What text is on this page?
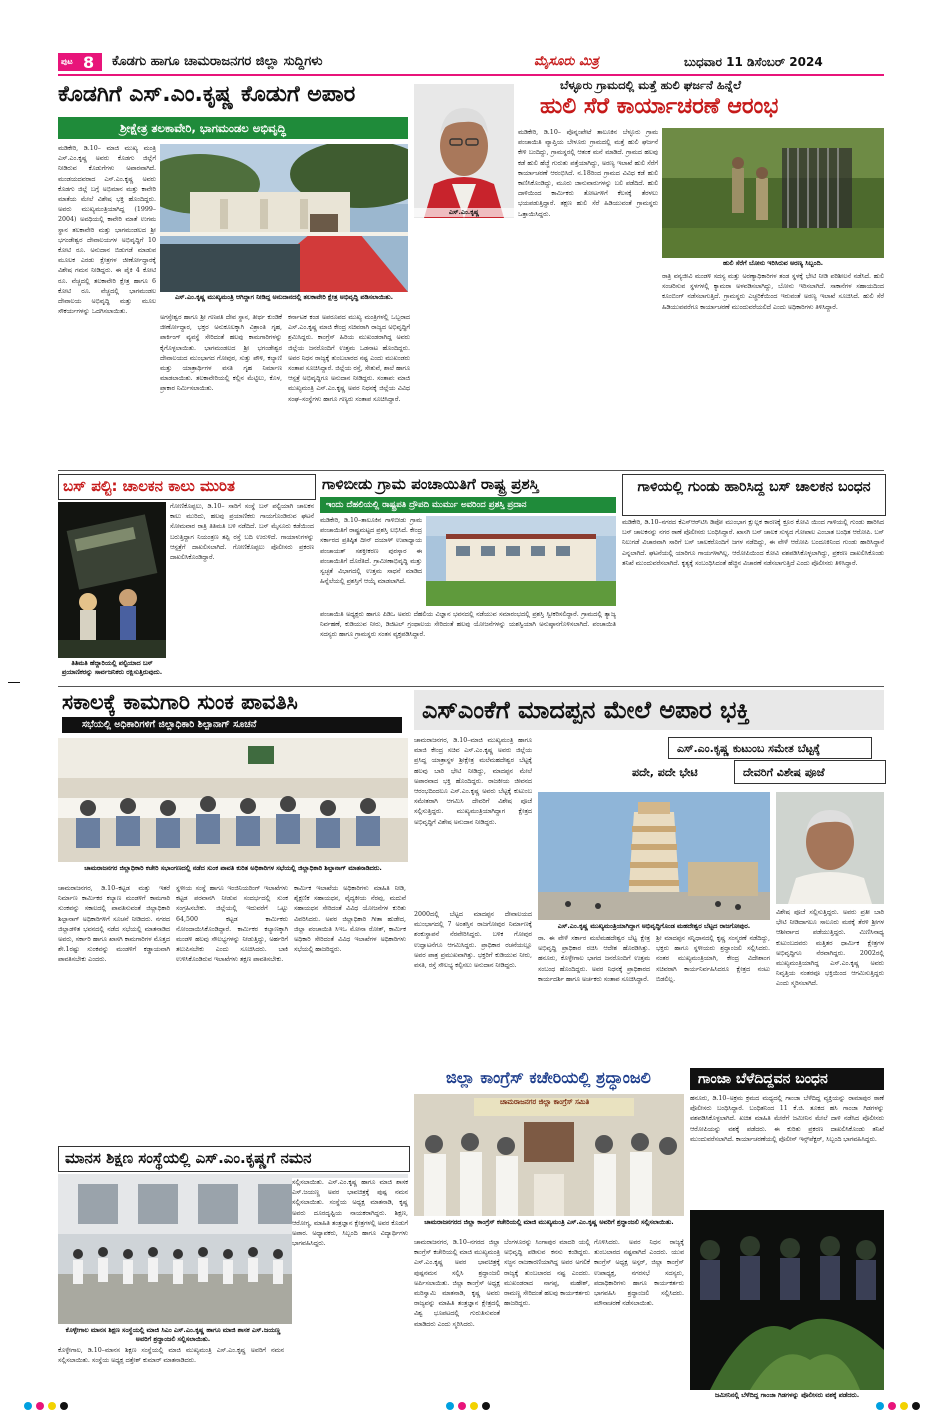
ಪುಟ 8 ಕೊಡಗು ಹಾಗೂ ಚಾಮರಾಜನಗರ ಜಿಲ್ಲಾ ಸುದ್ದಿಗಳು	ಮೈಸೂರು ಮಿತ್ರ	ಬುಧವಾರ 11 ಡಿಸೆಂಬರ್ 2024
ಕೊಡಗಿಗೆ ಎಸ್.ಎಂ.ಕೃಷ್ಣ ಕೊಡುಗೆ ಅಪಾರ
ಶ್ರೀಕ್ಷೇತ್ರ ತಲಕಾವೇರಿ, ಭಾಗಮಂಡಲ ಅಭಿವೃದ್ಧಿ
ಎಸ್.ಎಂ.ಕೃಷ್ಣ ಮುಖ್ಯಮಂತ್ರಿ ಆಗಿದ್ದಾಗ ನೀಡಿದ್ದ ಅನುದಾನದಲ್ಲಿ ತಲಕಾವೇರಿ ಕ್ಷೇತ್ರ ಅಭಿವೃದ್ಧಿ ಪಡಿಸಲಾಯಿತು.
ಮಡಿಕೇರಿ, ಡಿ.10– ಮಾಜಿ ಮುಖ್ಯ ಮಂತ್ರಿ ಎಸ್.ಎಂ.ಕೃಷ್ಣ ಅವರು ಕೊಡಗು ಜಿಲ್ಲೆಗೆ ನೀಡಿರುವ ಕೊಡುಗೆಗಳು ಅಪಾರವಾಗಿದೆ. ಮಂಡಯದವರಾದ ಎಸ್.ಎಂ.ಕೃಷ್ಣ ಅವರು ಕೊಡಗು ಜಿಲ್ಲೆ ಬಗ್ಗೆ ಅಭಿಮಾನ ಮತ್ತು ಕಾವೇರಿ ಮಾತೆಯ ಮೇಲೆ ವಿಶೇಷ ಭಕ್ತಿ ಹೊಂದಿದ್ದರು. ಅವರು ಮುಖ್ಯಮಂತ್ರಿಯಾಗಿದ್ದ (1999–2004) ಅವಧಿಯಲ್ಲಿ ಕಾವೇರಿ ಮಾತೆ ಉಗಮ ಸ್ಥಾನ ತಲಕಾವೇರಿ ಮತ್ತು ಭಾಗಮಂಡಲದ ಶ್ರೀ ಭಗಂಡೇಶ್ವರ ದೇವಾಲಯಗಳ ಅಭಿವೃದ್ಧಿಗೆ 10 ಕೋಟಿ ರೂ. ಅನುದಾನ ಬಿಡುಗಡೆ ಮಾಡುವ ಮೂಲಕ ಎರಡು ಕ್ಷೇತ್ರಗಳ ಜೀರ್ಣೋದ್ಧಾರಕ್ಕೆ ವಿಶೇಷ ಗಮನ ನೀಡಿದ್ದರು. ಈ ಪೈಕಿ 4 ಕೋಟಿ ರೂ. ವೆಚ್ಚದಲ್ಲಿ ತಲಕಾವೇರಿ ಕ್ಷೇತ್ರ ಹಾಗೂ 6 ಕೋಟಿ ರೂ. ವೆಚ್ಚದಲ್ಲಿ ಭಾಗಮಂಡಲ ದೇವಾಲಯ ಅಭಿವೃದ್ಧಿ ಮತ್ತು ಮೂಲ ಸೌಕರ್ಯಗಳನ್ನು ಒದಗಿಸಲಾಯಿತು.
ಅಗಸ್ತೇಶ್ವರ ಹಾಗೂ ಶ್ರೀ ಗಣಪತಿ ದೇವ ಸ್ಥಾನ, ತೀರ್ಥ ಕುಂಡಿಕೆ ಜೀರ್ಣೋದ್ಧಾರ, ಭಕ್ತರ ಅನುಕೂಲಕ್ಕಾಗಿ ವಿಶ್ರಾಂತಿ ಗೃಹ, ಪಾರ್ಕಿಂಗ್ ವ್ಯವಸ್ಥೆ ಸೇರಿದಂತೆ ಹಲವು ಕಾಮಗಾರಿಗಳನ್ನು ಕೈಗೊಳ್ಳಲಾಯಿತು. ಭಾಗಮಂಡಲದ ಶ್ರೀ ಭಗಂಡೇಶ್ವರ ದೇವಾಲಯದ ಮುಂಭಾಗದ ಗೋಪುರ, ಸುತ್ತು ಪೌಳಿ, ಕಲ್ಯಾಣಿ ಮತ್ತು ಯಾತ್ರಾರ್ಥಿಗಳ ವಸತಿ ಗೃಹ ನಿರ್ಮಾಣ ಮಾಡಲಾಯಿತು. ತಲಕಾವೇರಿಯಲ್ಲಿ ಕಲ್ಲಿನ ಮೆಟ್ಟಿಲು, ಕೊಳ, ಪ್ರಾಕಾರ ನಿರ್ಮಿಸಲಾಯಿತು.
ಕರ್ನಾಟಕ ಕಂಡ ಅಪರೂಪದ ಮುಖ್ಯ ಮಂತ್ರಿಗಳಲ್ಲಿ ಒಬ್ಬರಾದ ಎಸ್.ಎಂ.ಕೃಷ್ಣ ಮಾಜಿ ಕೇಂದ್ರ ಸಚಿವರಾಗಿ ರಾಜ್ಯದ ಅಭಿವೃದ್ಧಿಗೆ ಶ್ರಮಿಸಿದ್ದರು. ಕಾಂಗ್ರೆಸ್ ಹಿರಿಯ ಮುಖಂಡರಾಗಿದ್ದ ಅವರು ಜಿಲ್ಲೆಯ ಜನರೊಂದಿಗೆ ಉತ್ತಮ ಒಡನಾಟ ಹೊಂದಿದ್ದರು. ಅವರ ನಿಧನ ರಾಜ್ಯಕ್ಕೆ ತುಂಬಲಾರದ ನಷ್ಟ ಎಂದು ಮುಖಂಡರು ಸಂತಾಪ ಸೂಚಿಸಿದ್ದಾರೆ. ಜಿಲ್ಲೆಯ ರಸ್ತೆ, ಸೇತುವೆ, ಶಾಲೆ ಹಾಗೂ ಆಸ್ಪತ್ರೆ ಅಭಿವೃದ್ಧಿಗೂ ಅನುದಾನ ನೀಡಿದ್ದರು. ಸಂತಾಪ: ಮಾಜಿ ಮುಖ್ಯಮಂತ್ರಿ ಎಸ್.ಎಂ.ಕೃಷ್ಣ ಅವರ ನಿಧನಕ್ಕೆ ಜಿಲ್ಲೆಯ ವಿವಿಧ ಸಂಘ–ಸಂಸ್ಥೆಗಳು ಹಾಗೂ ಗಣ್ಯರು ಸಂತಾಪ ಸೂಚಿಸಿದ್ದಾರೆ.
ಎಸ್.ಎಂ.ಕೃಷ್ಣ
ಬೆಳ್ಳೂರು ಗ್ರಾಮದಲ್ಲಿ ಮತ್ತೆ ಹುಲಿ ಘರ್ಜನೆ ಹಿನ್ನೆಲೆ
ಹುಲಿ ಸೆರೆ ಕಾರ್ಯಾಚರಣೆ ಆರಂಭ
ಮಡಿಕೇರಿ, ಡಿ.10– ಪೊನ್ನಂಪೇಟೆ ತಾಲೂಕಿನ ಬೆಳ್ಳೂರು ಗ್ರಾಮ ಪಂಚಾಯಿತಿ ವ್ಯಾಪ್ತಿಯ ಬೇಳೂರು ಗ್ರಾಮದಲ್ಲಿ ಮತ್ತೆ ಹುಲಿ ಘರ್ಜನೆ ಕೇಳಿ ಬಂದಿದ್ದು, ಗ್ರಾಮಸ್ಥರಲ್ಲಿ ಆತಂಕ ಮನೆ ಮಾಡಿದೆ. ಗ್ರಾಮದ ಹಲವು ಕಡೆ ಹುಲಿ ಹೆಜ್ಜೆ ಗುರುತು ಪತ್ತೆಯಾಗಿದ್ದು, ಅರಣ್ಯ ಇಲಾಖೆ ಹುಲಿ ಸೆರೆಗೆ ಕಾರ್ಯಾಚರಣೆ ಆರಂಭಿಸಿದೆ. ನ.18ರಿಂದ ಗ್ರಾಮದ ವಿವಿಧ ಕಡೆ ಹುಲಿ ಕಾಣಿಸಿಕೊಂಡಿದ್ದು, ಮೂರು ಜಾನುವಾರುಗಳನ್ನು ಬಲಿ ಪಡೆದಿದೆ. ಹುಲಿ ದಾಳಿಯಿಂದ ಕಾರ್ಮಿಕರು ತೋಟಗಳಿಗೆ ಕೆಲಸಕ್ಕೆ ತೆರಳಲು ಭಯಪಡುತ್ತಿದ್ದಾರೆ. ತಕ್ಷಣ ಹುಲಿ ಸೆರೆ ಹಿಡಿಯುವಂತೆ ಗ್ರಾಮಸ್ಥರು ಒತ್ತಾಯಿಸಿದ್ದರು.
ಹುಲಿ ಸೆರೆಗೆ ಬೋನು ಇರಿಸಿರುವ ಅರಣ್ಯ ಸಿಬ್ಬಂದಿ.
ರಾತ್ರಿ ವನ್ಯಜೀವಿ ಮಂಡಳಿ ಸದಸ್ಯ ಮತ್ತು ಅರಣ್ಯಾಧಿಕಾರಿಗಳ ತಂಡ ಸ್ಥಳಕ್ಕೆ ಭೇಟಿ ನೀಡಿ ಪರಿಶೀಲನೆ ನಡೆಸಿದೆ. ಹುಲಿ ಸಂಚರಿಸುವ ಸ್ಥಳಗಳಲ್ಲಿ ಕ್ಯಾಮರಾ ಅಳವಡಿಸಲಾಗಿದ್ದು, ಬೋನು ಇರಿಸಲಾಗಿದೆ. ಸಾಕಾನೆಗಳ ಸಹಾಯದಿಂದ ಕೂಂಬಿಂಗ್ ನಡೆಸಲಾಗುತ್ತಿದೆ. ಗ್ರಾಮಸ್ಥರು ಎಚ್ಚರಿಕೆಯಿಂದ ಇರುವಂತೆ ಅರಣ್ಯ ಇಲಾಖೆ ಸೂಚಿಸಿದೆ. ಹುಲಿ ಸೆರೆ ಹಿಡಿಯುವವರೆಗೂ ಕಾರ್ಯಾಚರಣೆ ಮುಂದುವರೆಯಲಿದೆ ಎಂದು ಅಧಿಕಾರಿಗಳು ತಿಳಿಸಿದ್ದಾರೆ.
ಬಸ್ ಪಲ್ಟಿ: ಚಾಲಕನ ಕಾಲು ಮುರಿತ
ತಿತಿಮತಿ ಹೆದ್ದಾರಿಯಲ್ಲಿ ಪಲ್ಟಿಯಾದ ಬಸ್ ಪ್ರಯಾಣಿಕರನ್ನು ಸಾರ್ವಜನಿಕರು ರಕ್ಷಿಸುತ್ತಿರುವುದು.
ಗೋಣಿಕೊಪ್ಪಲು, ಡಿ.10– ಸಾರಿಗೆ ಸಂಸ್ಥೆ ಬಸ್ ಪಲ್ಟಿಯಾಗಿ ಚಾಲಕನ ಕಾಲು ಮುರಿದು, ಹಲವು ಪ್ರಯಾಣಿಕರು ಗಾಯಗೊಂಡಿರುವ ಘಟನೆ ಸೋಮವಾರ ರಾತ್ರಿ ತಿತಿಮತಿ ಬಳಿ ನಡೆದಿದೆ. ಬಸ್ ಮೈಸೂರು ಕಡೆಯಿಂದ ಬರುತ್ತಿದ್ದಾಗ ನಿಯಂತ್ರಣ ತಪ್ಪಿ ರಸ್ತೆ ಬದಿ ಉರುಳಿದೆ. ಗಾಯಾಳುಗಳನ್ನು ಆಸ್ಪತ್ರೆಗೆ ದಾಖಲಿಸಲಾಗಿದೆ. ಗೋಣಿಕೊಪ್ಪಲು ಪೊಲೀಸರು ಪ್ರಕರಣ ದಾಖಲಿಸಿಕೊಂಡಿದ್ದಾರೆ.
ಗಾಳಿಬೀಡು ಗ್ರಾಮ ಪಂಚಾಯಿತಿಗೆ ರಾಷ್ಟ್ರ ಪ್ರಶಸ್ತಿ
ಇಂದು ದೆಹಲಿಯಲ್ಲಿ ರಾಷ್ಟ್ರಪತಿ ದ್ರೌಪದಿ ಮುರ್ಮು ಅವರಿಂದ ಪ್ರಶಸ್ತಿ ಪ್ರದಾನ
ಮಡಿಕೇರಿ, ಡಿ.10–ತಾಲೂಕಿನ ಗಾಳಿಬೀಡು ಗ್ರಾಮ ಪಂಚಾಯಿತಿಗೆ ರಾಷ್ಟ್ರಮಟ್ಟದ ಪ್ರಶಸ್ತಿ ಲಭಿಸಿದೆ. ಕೇಂದ್ರ ಸರ್ಕಾರದ ಪ್ರತಿಷ್ಠಿತ ದೀನ್ ದಯಾಳ್ ಉಪಾಧ್ಯಾಯ ಪಂಚಾಯತ್ ಸಶಕ್ತೀಕರಣ ಪುರಸ್ಕಾರ ಈ ಪಂಚಾಯಿತಿಗೆ ದೊರೆತಿದೆ. ಗ್ರಾಮೀಣಾಭಿವೃದ್ಧಿ ಮತ್ತು ಸ್ವಚ್ಛತೆ ವಿಭಾಗದಲ್ಲಿ ಉತ್ತಮ ಸಾಧನೆ ಮಾಡಿದ ಹಿನ್ನೆಲೆಯಲ್ಲಿ ಪ್ರಶಸ್ತಿಗೆ ಆಯ್ಕೆ ಮಾಡಲಾಗಿದೆ.
ಪಂಚಾಯಿತಿ ಅಧ್ಯಕ್ಷರು ಹಾಗೂ ಪಿಡಿಒ ಅವರು ದೆಹಲಿಯ ವಿಜ್ಞಾನ ಭವನದಲ್ಲಿ ನಡೆಯುವ ಸಮಾರಂಭದಲ್ಲಿ ಪ್ರಶಸ್ತಿ ಸ್ವೀಕರಿಸಲಿದ್ದಾರೆ. ಗ್ರಾಮದಲ್ಲಿ ತ್ಯಾಜ್ಯ ನಿರ್ವಹಣೆ, ಕುಡಿಯುವ ನೀರು, ಡಿಜಿಟಲ್ ಗ್ರಂಥಾಲಯ ಸೇರಿದಂತೆ ಹಲವು ಯೋಜನೆಗಳನ್ನು ಯಶಸ್ವಿಯಾಗಿ ಅನುಷ್ಠಾನಗೊಳಿಸಲಾಗಿದೆ. ಪಂಚಾಯಿತಿ ಸದಸ್ಯರು ಹಾಗೂ ಗ್ರಾಮಸ್ಥರು ಸಂತಸ ವ್ಯಕ್ತಪಡಿಸಿದ್ದಾರೆ.
ಗಾಳಿಯಲ್ಲಿ ಗುಂಡು ಹಾರಿಸಿದ್ದ ಬಸ್ ಚಾಲಕನ ಬಂಧನ
ಮಡಿಕೇರಿ, ಡಿ.10–ನಗರದ ಕೆಎಸ್‌ಆರ್‌ಟಿಸಿ ಡಿಪೋ ಮುಂಭಾಗ ಕ್ಷುಲ್ಲಕ ಕಾರಣಕ್ಕೆ ಕ್ರೂರ ಕೋವಿ ಯಿಂದ ಗಾಳಿಯಲ್ಲಿ ಗುಂಡು ಹಾರಿಸಿದ ಬಸ್ ಚಾಲಕನನ್ನು ನಗರ ಠಾಣೆ ಪೊಲೀಸರು ಬಂಧಿಸಿದ್ದಾರೆ. ಖಾಸಗಿ ಬಸ್ ಚಾಲಕ ಸುಳ್ಯದ ಗೋಪಾಲ ಎಂಬಾತ ಬಂಧಿತ ಆರೋಪಿ. ಬಸ್ ನಿಲುಗಡೆ ವಿಚಾರವಾಗಿ ಸಾರಿಗೆ ಬಸ್ ಚಾಲಕರೊಂದಿಗೆ ಜಗಳ ನಡೆದಿದ್ದು, ಈ ವೇಳೆ ಆರೋಪಿ ಬಂದೂಕಿನಿಂದ ಗುಂಡು ಹಾರಿಸಿದ್ದಾನೆ ಎನ್ನಲಾಗಿದೆ. ಘಟನೆಯಲ್ಲಿ ಯಾರಿಗೂ ಗಾಯಗಳಾಗಿಲ್ಲ. ಆರೋಪಿಯಿಂದ ಕೋವಿ ವಶಪಡಿಸಿಕೊಳ್ಳಲಾಗಿದ್ದು, ಪ್ರಕರಣ ದಾಖಲಿಸಿಕೊಂಡು ತನಿಖೆ ಮುಂದುವರೆಸಲಾಗಿದೆ. ಕೃತ್ಯಕ್ಕೆ ಸಂಬಂಧಿಸಿದಂತೆ ಹೆಚ್ಚಿನ ವಿಚಾರಣೆ ನಡೆಸಲಾಗುತ್ತಿದೆ ಎಂದು ಪೊಲೀಸರು ತಿಳಿಸಿದ್ದಾರೆ.
ಸಕಾಲಕ್ಕೆ ಕಾಮಗಾರಿ ಸುಂಕ ಪಾವತಿಸಿ
ಸಭೆಯಲ್ಲಿ ಅಧಿಕಾರಿಗಳಿಗೆ ಜಿಲ್ಲಾಧಿಕಾರಿ ಶಿಲ್ಪಾನಾಗ್ ಸೂಚನೆ
ಚಾಮರಾಜನಗರ ಜಿಲ್ಲಾಧಿಕಾರಿ ಕಚೇರಿ ಸಭಾಂಗಣದಲ್ಲಿ ನಡೆದ ಸುಂಕ ಪಾವತಿ ಕುರಿತ ಅಧಿಕಾರಿಗಳ ಸಭೆಯಲ್ಲಿ ಜಿಲ್ಲಾಧಿಕಾರಿ ಶಿಲ್ಪಾನಾಗ್ ಮಾತನಾಡಿದರು.
ಚಾಮರಾಜನಗರ, ಡಿ.10–ಕಟ್ಟಡ ಮತ್ತು ಇತರೆ ನಿರ್ಮಾಣ ಕಾರ್ಮಿಕರ ಕಲ್ಯಾಣ ಮಂಡಳಿಗೆ ಕಾಮಗಾರಿ ಸುಂಕವನ್ನು ಸಕಾಲದಲ್ಲಿ ಪಾವತಿಸುವಂತೆ ಜಿಲ್ಲಾಧಿಕಾರಿ ಶಿಲ್ಪಾನಾಗ್ ಅಧಿಕಾರಿಗಳಿಗೆ ಸೂಚನೆ ನೀಡಿದರು. ನಗರದ ಜಿಲ್ಲಾಡಳಿತ ಭವನದಲ್ಲಿ ನಡೆದ ಸಭೆಯಲ್ಲಿ ಮಾತನಾಡಿದ ಅವರು, ಸರ್ಕಾರಿ ಹಾಗೂ ಖಾಸಗಿ ಕಾಮಗಾರಿಗಳ ಮೊತ್ತದ ಶೇ.1ರಷ್ಟು ಸುಂಕವನ್ನು ಮಂಡಳಿಗೆ ಕಡ್ಡಾಯವಾಗಿ ಪಾವತಿಸಬೇಕು ಎಂದರು.
ಸ್ಥಳೀಯ ಸಂಸ್ಥೆ ಹಾಗೂ ಇಂಜಿನಿಯರಿಂಗ್ ಇಲಾಖೆಗಳು ಕಟ್ಟಡ ಪರವಾನಗಿ ನೀಡುವ ಸಂದರ್ಭದಲ್ಲಿ ಸುಂಕ ಸಂಗ್ರಹಿಸಬೇಕು. ಜಿಲ್ಲೆಯಲ್ಲಿ ಇದುವರೆಗೆ ಒಟ್ಟು 64,500 ಕಟ್ಟಡ ಕಾರ್ಮಿಕರು ನೋಂದಾಯಿಸಿಕೊಂಡಿದ್ದಾರೆ. ಕಾರ್ಮಿಕರ ಕಲ್ಯಾಣಕ್ಕಾಗಿ ಮಂಡಳಿ ಹಲವು ಸೌಲಭ್ಯಗಳನ್ನು ನೀಡುತ್ತಿದ್ದು, ಅರ್ಹರಿಗೆ ತಲುಪಿಸಬೇಕು ಎಂದು ಸೂಚಿಸಿದರು. ಬಾಕಿ ಉಳಿಸಿಕೊಂಡಿರುವ ಇಲಾಖೆಗಳು ತಕ್ಷಣ ಪಾವತಿಸಬೇಕು.
ಕಾರ್ಮಿಕ ಇಲಾಖೆಯ ಅಧಿಕಾರಿಗಳು ಮಾಹಿತಿ ನೀಡಿ, ಶೈಕ್ಷಣಿಕ ಸಹಾಯಧನ, ವೈದ್ಯಕೀಯ ನೆರವು, ಮದುವೆ ಸಹಾಯಧನ ಸೇರಿದಂತೆ ವಿವಿಧ ಯೋಜನೆಗಳ ಕುರಿತು ವಿವರಿಸಿದರು. ಅಪರ ಜಿಲ್ಲಾಧಿಕಾರಿ ಗೀತಾ ಹುಡೇದ, ಜಿಲ್ಲಾ ಪಂಚಾಯಿತಿ ಸಿಇಒ ಮೋನಾ ರೋತ್, ಕಾರ್ಮಿಕ ಅಧಿಕಾರಿ ಸೇರಿದಂತೆ ವಿವಿಧ ಇಲಾಖೆಗಳ ಅಧಿಕಾರಿಗಳು ಸಭೆಯಲ್ಲಿ ಹಾಜರಿದ್ದರು.
ಎಸ್‌ಎಂಕೆಗೆ ಮಾದಪ್ಪನ ಮೇಲೆ ಅಪಾರ ಭಕ್ತಿ
ಚಾಮರಾಜನಗರ, ಡಿ.10–ಮಾಜಿ ಮುಖ್ಯಮಂತ್ರಿ ಹಾಗೂ ಮಾಜಿ ಕೇಂದ್ರ ಸಚಿವ ಎಸ್.ಎಂ.ಕೃಷ್ಣ ಅವರು ಜಿಲ್ಲೆಯ ಪ್ರಸಿದ್ಧ ಯಾತ್ರಾಸ್ಥಳ ಶ್ರೀಕ್ಷೇತ್ರ ಮಲೆಮಹದೇಶ್ವರ ಬೆಟ್ಟಕ್ಕೆ ಹಲವು ಬಾರಿ ಭೇಟಿ ನೀಡಿದ್ದು, ಮಾದಪ್ಪನ ಮೇಲೆ ಅಪಾರವಾದ ಭಕ್ತಿ ಹೊಂದಿದ್ದರು. ರಾಜಕೀಯ ಜೀವನದ ಆರಂಭದಿಂದಲೂ ಎಸ್.ಎಂ.ಕೃಷ್ಣ ಅವರು ಬೆಟ್ಟಕ್ಕೆ ಕುಟುಂಬ ಸಮೇತರಾಗಿ ಆಗಮಿಸಿ ದೇವರಿಗೆ ವಿಶೇಷ ಪೂಜೆ ಸಲ್ಲಿಸುತ್ತಿದ್ದರು. ಮುಖ್ಯಮಂತ್ರಿಯಾಗಿದ್ದಾಗ ಕ್ಷೇತ್ರದ ಅಭಿವೃದ್ಧಿಗೆ ವಿಶೇಷ ಅನುದಾನ ನೀಡಿದ್ದರು.
ಎಸ್.ಎಂ.ಕೃಷ್ಣ ಮುಖ್ಯಮಂತ್ರಿಯಾಗಿದ್ದಾಗ ಅಭಿವೃದ್ಧಿಗೊಂಡ ಮಹದೇಶ್ವರ ಬೆಟ್ಟದ ರಾಜಗೋಪುರ.
ಎಸ್.ಎಂ.ಕೃಷ್ಣ ಕುಟುಂಬ ಸಮೇತ ಬೆಟ್ಟಕ್ಕೆ
ಪದೇ, ಪದೇ ಭೇಟಿ	ದೇವರಿಗೆ ವಿಶೇಷ ಪೂಜೆ
2000ದಲ್ಲಿ ಬೆಟ್ಟದ ಮಾದಪ್ಪನ ದೇವಾಲಯದ ಮುಂಭಾಗದಲ್ಲಿ 7 ಅಂತಸ್ತಿನ ರಾಜಗೋಪುರ ನಿರ್ಮಾಣಕ್ಕೆ ಶಂಕುಸ್ಥಾಪನೆ ನೆರವೇರಿಸಿದ್ದರು. ಬಳಿಕ ಗೋಪುರ ಉದ್ಘಾಟನೆಗೂ ಆಗಮಿಸಿದ್ದರು. ಪ್ರಾಧಿಕಾರ ರಚನೆಯಲ್ಲೂ ಅವರ ಪಾತ್ರ ಪ್ರಮುಖವಾಗಿತ್ತು. ಭಕ್ತರಿಗೆ ಕುಡಿಯುವ ನೀರು, ವಸತಿ, ರಸ್ತೆ ಸೌಲಭ್ಯ ಕಲ್ಪಿಸಲು ಅನುದಾನ ನೀಡಿದ್ದರು.
ರಾ. ಈ ವೇಳೆ ಸರ್ಕಾರ ಮಲೆಮಹದೇಶ್ವರ ಬೆಟ್ಟ ಕ್ಷೇತ್ರ ಅಭಿವೃದ್ಧಿ ಪ್ರಾಧಿಕಾರ ರಚಿಸಿ ಆದೇಶ ಹೊರಡಿಸಿತ್ತು. ಹನೂರು, ಕೊಳ್ಳೇಗಾಲ ಭಾಗದ ಜನರೊಂದಿಗೆ ಉತ್ತಮ ಸಂಬಂಧ ಹೊಂದಿದ್ದರು. ಅವರ ನಿಧನಕ್ಕೆ ಪ್ರಾಧಿಕಾರದ ಕಾರ್ಯದರ್ಶಿ ಹಾಗೂ ಅರ್ಚಕರು ಸಂತಾಪ ಸೂಚಿಸಿದ್ದಾರೆ.
ಶ್ರೀ ಮಾದಪ್ಪನ ಸನ್ನಿಧಾನದಲ್ಲಿ ಕೃಷ್ಣ ಸಂಸ್ಮರಣೆ ನಡೆದಿದ್ದು, ಭಕ್ತರು ಹಾಗೂ ಸ್ಥಳೀಯರು ಶ್ರದ್ಧಾಂಜಲಿ ಸಲ್ಲಿಸಿದರು. ನಂತರ ಮುಖ್ಯಮಂತ್ರಿಯಾಗಿ, ಕೇಂದ್ರ ವಿದೇಶಾಂಗ ಸಚಿವರಾಗಿ ಕಾರ್ಯನಿರ್ವಹಿಸಿದರೂ ಕ್ಷೇತ್ರದ ನಂಟು ಬಿಡಲಿಲ್ಲ.
ವಿಶೇಷ ಪೂಜೆ ಸಲ್ಲಿಸುತ್ತಿದ್ದರು. ಅವರು ಪ್ರತೀ ಬಾರಿ ಭೇಟಿ ನೀಡಿದಾಗಲೂ ಸಾಲೂರು ಮಠಕ್ಕೆ ತೆರಳಿ ಶ್ರೀಗಳ ಆಶೀರ್ವಾದ ಪಡೆಯುತ್ತಿದ್ದರು. ಮಿಣಿಸಿನಾಧ್ಯ ಕುಟುಂಬದವರು ಮತ್ತಿತರ ಧಾರ್ಮಿಕ ಕ್ಷೇತ್ರಗಳ ಅಭಿವೃದ್ಧಿಗೂ ನೆರವಾಗಿದ್ದರು. 2002ರಲ್ಲಿ ಮುಖ್ಯಮಂತ್ರಿಯಾಗಿದ್ದ ಎಸ್.ಎಂ.ಕೃಷ್ಣ ಅವರು ನಿವೃತ್ತಿಯ ನಂತರವೂ ಭಕ್ತಿಯಿಂದ ಆಗಮಿಸುತ್ತಿದ್ದರು ಎಂದು ಸ್ಮರಿಸಲಾಗಿದೆ.
ಜಿಲ್ಲಾ ಕಾಂಗ್ರೆಸ್ ಕಚೇರಿಯಲ್ಲಿ ಶ್ರದ್ಧಾಂಜಲಿ
ಚಾಮರಾಜನಗರ ಜಿಲ್ಲಾ ಕಾಂಗ್ರೆಸ್ ಸಮಿತಿ
ಚಾಮರಾಜನಗರದ ಜಿಲ್ಲಾ ಕಾಂಗ್ರೆಸ್ ಕಚೇರಿಯಲ್ಲಿ ಮಾಜಿ ಮುಖ್ಯಮಂತ್ರಿ ಎಸ್.ಎಂ.ಕೃಷ್ಣ ಅವರಿಗೆ ಶ್ರದ್ಧಾಂಜಲಿ ಸಲ್ಲಿಸಲಾಯಿತು.
ಚಾಮರಾಜನಗರ, ಡಿ.10–ನಗರದ ಜಿಲ್ಲಾ ಕಾಂಗ್ರೆಸ್ ಕಚೇರಿಯಲ್ಲಿ ಮಾಜಿ ಮುಖ್ಯಮಂತ್ರಿ ಎಸ್.ಎಂ.ಕೃಷ್ಣ ಅವರ ಭಾವಚಿತ್ರಕ್ಕೆ ಪುಷ್ಪನಮನ ಸಲ್ಲಿಸಿ ಶ್ರದ್ಧಾಂಜಲಿ ಅರ್ಪಿಸಲಾಯಿತು. ಜಿಲ್ಲಾ ಕಾಂಗ್ರೆಸ್ ಅಧ್ಯಕ್ಷ ಮರಿಸ್ವಾಮಿ ಮಾತನಾಡಿ, ಕೃಷ್ಣ ಅವರು ರಾಜ್ಯವನ್ನು ಮಾಹಿತಿ ತಂತ್ರಜ್ಞಾನ ಕ್ಷೇತ್ರದಲ್ಲಿ ವಿಶ್ವ ಭೂಪಟದಲ್ಲಿ ಗುರುತಿಸುವಂತೆ ಮಾಡಿದರು ಎಂದು ಸ್ಮರಿಸಿದರು.
ಬೆಂಗಳೂರನ್ನು ಸಿಂಗಾಪುರ ಮಾದರಿ ಯಲ್ಲಿ ಅಭಿವೃದ್ಧಿ ಪಡಿಸುವ ಕನಸು ಕಂಡಿದ್ದರು. ಸಜ್ಜನ ರಾಜಕಾರಣಿಯಾಗಿದ್ದ ಅವರ ಅಗಲಿಕೆ ರಾಜ್ಯಕ್ಕೆ ತುಂಬಲಾರದ ನಷ್ಟ ಎಂದರು. ಮುಖಂಡರಾದ ನಾಗಪ್ಪ, ಮಹೇಶ್, ರಾಮಣ್ಣ ಸೇರಿದಂತೆ ಹಲವು ಕಾರ್ಯಕರ್ತರು ಹಾಜರಿದ್ದರು.
ಗೊಳಿಸಿದರು. ಅವರ ನಿಧನ ರಾಜ್ಯಕ್ಕೆ ತುಂಬಲಾರದ ನಷ್ಟವಾಗಿದೆ ಎಂದರು. ಯುವ ಕಾಂಗ್ರೆಸ್ ಅಧ್ಯಕ್ಷ ಅಸ್ಗರ್, ಜಿಲ್ಲಾ ಕಾಂಗ್ರೆಸ್ ಉಪಾಧ್ಯಕ್ಷ, ನಗರಸಭೆ ಸದಸ್ಯರು, ಪದಾಧಿಕಾರಿಗಳು ಹಾಗೂ ಕಾರ್ಯಕರ್ತರು ಭಾಗವಹಿಸಿ ಶ್ರದ್ಧಾಂಜಲಿ ಸಲ್ಲಿಸಿದರು. ಮೌನಾಚರಣೆ ನಡೆಸಲಾಯಿತು.
ಗಾಂಜಾ ಬೆಳೆದಿದ್ದವನ ಬಂಧನ
ಹನೂರು, ಡಿ.10–ಅಕ್ರಮ ಕ್ರಮದ ಮಧ್ಯದಲ್ಲಿ ಗಾಂಜಾ ಬೆಳೆದಿದ್ದ ವ್ಯಕ್ತಿಯನ್ನು ರಾಮಾಪುರ ಠಾಣೆ ಪೊಲೀಸರು ಬಂಧಿಸಿದ್ದಾರೆ. ಬಂಧಿತನಿಂದ 11 ಕೆ.ಜಿ. ತೂಕದ ಹಸಿ ಗಾಂಜಾ ಗಿಡಗಳನ್ನು ವಶಪಡಿಸಿಕೊಳ್ಳಲಾಗಿದೆ. ಖಚಿತ ಮಾಹಿತಿ ಮೇರೆಗೆ ಜಮೀನಿನ ಮೇಲೆ ದಾಳಿ ನಡೆಸಿದ ಪೊಲೀಸರು ಆರೋಪಿಯನ್ನು ವಶಕ್ಕೆ ಪಡೆದರು. ಈ ಕುರಿತು ಪ್ರಕರಣ ದಾಖಲಿಸಿಕೊಂಡು ತನಿಖೆ ಮುಂದುವರೆಸಲಾಗಿದೆ. ಕಾರ್ಯಾಚರಣೆಯಲ್ಲಿ ಪೊಲೀಸ್ ಇನ್ಸ್‌ಪೆಕ್ಟರ್, ಸಿಬ್ಬಂದಿ ಭಾಗವಹಿಸಿದ್ದರು.
ಜಮೀನಿನಲ್ಲಿ ಬೆಳೆದಿದ್ದ ಗಾಂಜಾ ಗಿಡಗಳನ್ನು ಪೊಲೀಸರು ವಶಕ್ಕೆ ಪಡೆದರು.
ಮಾನಸ ಶಿಕ್ಷಣ ಸಂಸ್ಥೆಯಲ್ಲಿ ಎಸ್.ಎಂ.ಕೃಷ್ಣಗೆ ನಮನ
ಕೊಳ್ಳೇಗಾಲ ಮಾನಸ ಶಿಕ್ಷಣ ಸಂಸ್ಥೆಯಲ್ಲಿ ಮಾಜಿ ಸಿಎಂ ಎಸ್.ಎಂ.ಕೃಷ್ಣ ಹಾಗೂ ಮಾಜಿ ಶಾಸಕ ಎಸ್.ಜಯಣ್ಣ ಅವರಿಗೆ ಶ್ರದ್ಧಾಂಜಲಿ ಸಲ್ಲಿಸಲಾಯಿತು.
ಕೊಳ್ಳೇಗಾಲ, ಡಿ.10–ಮಾನಸ ಶಿಕ್ಷಣ ಸಂಸ್ಥೆಯಲ್ಲಿ ಮಾಜಿ ಮುಖ್ಯಮಂತ್ರಿ ಎಸ್.ಎಂ.ಕೃಷ್ಣ ಅವರಿಗೆ ನಮನ ಸಲ್ಲಿಸಲಾಯಿತು. ಸಂಸ್ಥೆಯ ಅಧ್ಯಕ್ಷ ದತ್ತೇಶ್ ಕುಮಾರ್ ಮಾತನಾಡಿದರು.
ಸಲ್ಲಿಸಲಾಯಿತು. ಎಸ್.ಎಂ.ಕೃಷ್ಣ ಹಾಗೂ ಮಾಜಿ ಶಾಸಕ ಎಸ್.ಜಯಣ್ಣ ಅವರ ಭಾವಚಿತ್ರಕ್ಕೆ ಪುಷ್ಪ ನಮನ ಸಲ್ಲಿಸಲಾಯಿತು. ಸಂಸ್ಥೆಯ ಅಧ್ಯಕ್ಷ ಮಾತನಾಡಿ, ಕೃಷ್ಣ ಅವರು ದೂರದೃಷ್ಟಿಯ ನಾಯಕರಾಗಿದ್ದರು. ಶಿಕ್ಷಣ, ಆರೋಗ್ಯ, ಮಾಹಿತಿ ತಂತ್ರಜ್ಞಾನ ಕ್ಷೇತ್ರಗಳಲ್ಲಿ ಅವರ ಕೊಡುಗೆ ಅಪಾರ. ಅಧ್ಯಾಪಕರು, ಸಿಬ್ಬಂದಿ ಹಾಗೂ ವಿದ್ಯಾರ್ಥಿಗಳು ಭಾಗವಹಿಸಿದ್ದರು.
